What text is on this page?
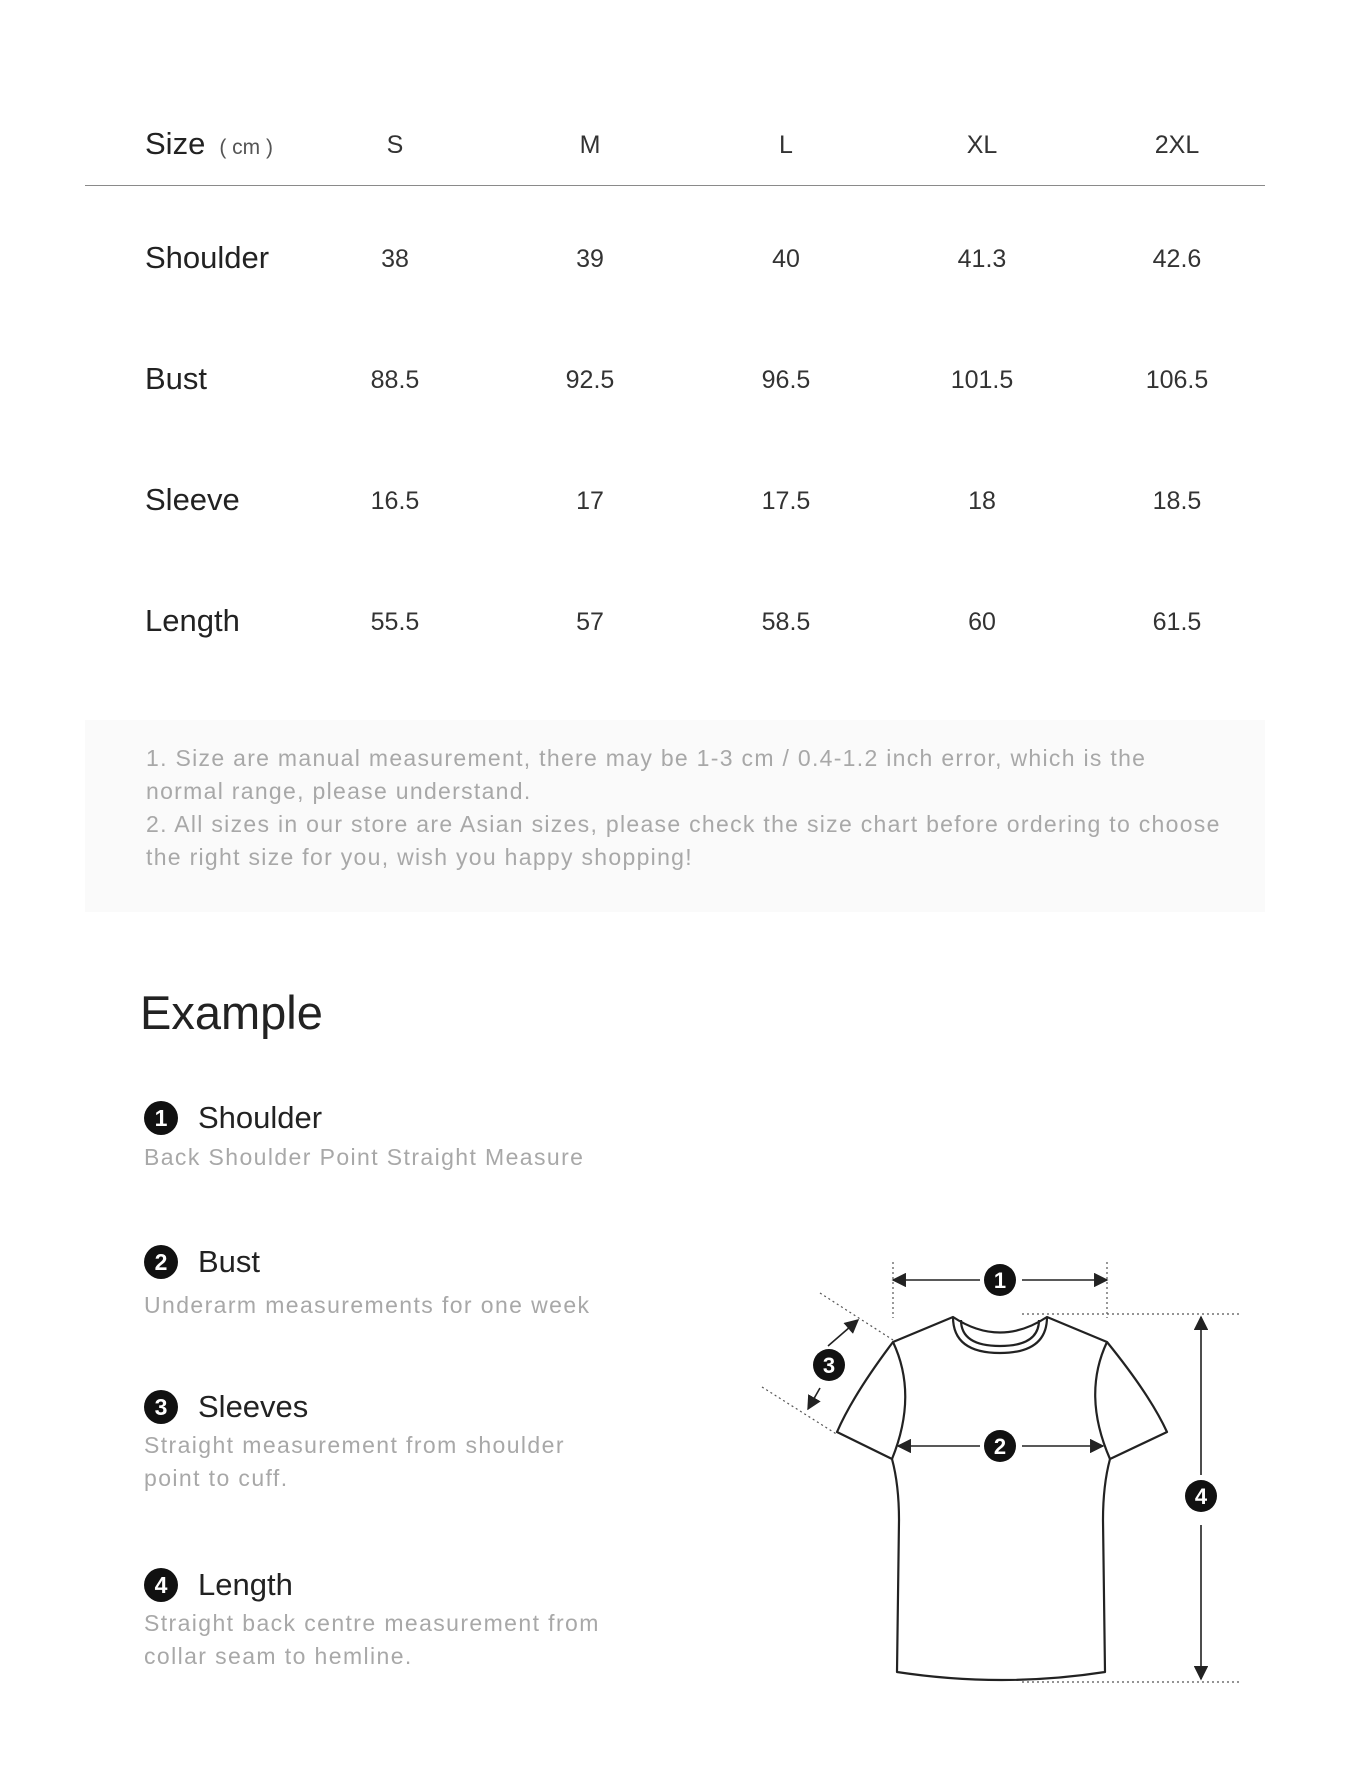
Size ( cm )	S	M	L	XL	2XL
Shoulder	38	39	40	41.3	42.6
Bust	88.5	92.5	96.5	101.5	106.5
Sleeve	16.5	17	17.5	18	18.5
Length	55.5	57	58.5	60	61.5
1. Size are manual measurement, there may be 1-3 cm / 0.4-1.2 inch error, which is the normal range, please understand.
2. All sizes in our store are Asian sizes, please check the size chart before ordering to choose the right size for you, wish you happy shopping!
Example
1 Shoulder
Back Shoulder Point Straight Measure
2 Bust
Underarm measurements for one week
3 Sleeves
Straight measurement from shoulder point to cuff.
4 Length
Straight back centre measurement from collar seam to hemline.
1
2
3
4
